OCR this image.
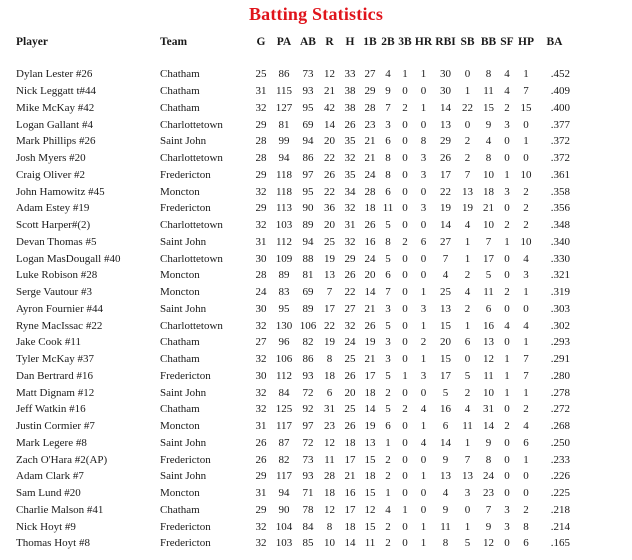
Batting Statistics
Player	Team	G	PA	AB	R	H	1B	2B	3B	HR	RBI	SB	BB	SF	HP	BA

Dylan Lester #26	Chatham	25	86	73	12	33	27	4	1	1	30	0	8	4	1	.452
Nick Leggatt t#44	Chatham	31	115	93	21	38	29	9	0	0	30	1	11	4	7	.409
Mike McKay #42	Chatham	32	127	95	42	38	28	7	2	1	14	22	15	2	15	.400
Logan Gallant #4	Charlottetown	29	81	69	14	26	23	3	0	0	13	0	9	3	0	.377
Mark Phillips #26	Saint John	28	99	94	20	35	21	6	0	8	29	2	4	0	1	.372
Josh Myers #20	Charlottetown	28	94	86	22	32	21	8	0	3	26	2	8	0	0	.372
Craig Oliver #2	Fredericton	29	118	97	26	35	24	8	0	3	17	7	10	1	10	.361
John Hamowitz #45	Moncton	32	118	95	22	34	28	6	0	0	22	13	18	3	2	.358
Adam Estey #19	Fredericton	29	113	90	36	32	18	11	0	3	19	19	21	0	2	.356
Scott Harper#(2)	Charlottetown	32	103	89	20	31	26	5	0	0	14	4	10	2	2	.348
Devan Thomas #5	Saint John	31	112	94	25	32	16	8	2	6	27	1	7	1	10	.340
Logan MasDougall #40	Charlottetown	30	109	88	19	29	24	5	0	0	7	1	17	0	4	.330
Luke Robison #28	Moncton	28	89	81	13	26	20	6	0	0	4	2	5	0	3	.321
Serge Vautour #3	Moncton	24	83	69	7	22	14	7	0	1	25	4	11	2	1	.319
Ayron Fournier #44	Saint John	30	95	89	17	27	21	3	0	3	13	2	6	0	0	.303
Ryne MacIssac #22	Charlottetown	32	130	106	22	32	26	5	0	1	15	1	16	4	4	.302
Jake Cook #11	Chatham	27	96	82	19	24	19	3	0	2	20	6	13	0	1	.293
Tyler McKay #37	Chatham	32	106	86	8	25	21	3	0	1	15	0	12	1	7	.291
Dan Bertrard #16	Fredericton	30	112	93	18	26	17	5	1	3	17	5	11	1	7	.280
Matt Dignam #12	Saint John	32	84	72	6	20	18	2	0	0	5	2	10	1	1	.278
Jeff Watkin #16	Chatham	32	125	92	31	25	14	5	2	4	16	4	31	0	2	.272
Justin Cormier #7	Moncton	31	117	97	23	26	19	6	0	1	6	11	14	2	4	.268
Mark Legere #8	Saint John	26	87	72	12	18	13	1	0	4	14	1	9	0	6	.250
Zach O'Hara #2(AP)	Fredericton	26	82	73	11	17	15	2	0	0	9	7	8	0	1	.233
Adam Clark #7	Saint John	29	117	93	28	21	18	2	0	1	13	13	24	0	0	.226
Sam Lund #20	Moncton	31	94	71	18	16	15	1	0	0	4	3	23	0	0	.225
Charlie Malson #41	Chatham	29	90	78	12	17	12	4	1	0	9	0	7	3	2	.218
Nick Hoyt #9	Fredericton	32	104	84	8	18	15	2	0	1	11	1	9	3	8	.214
Thomas Hoyt #8	Fredericton	32	103	85	10	14	11	2	0	1	8	5	12	0	6	.165
